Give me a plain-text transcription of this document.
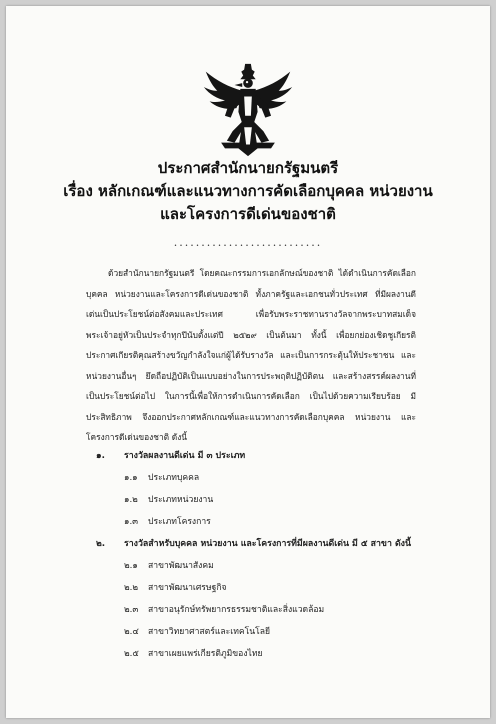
ประกาศสำนักนายกรัฐมนตรี
เรื่อง หลักเกณฑ์และแนวทางการคัดเลือกบุคคล หน่วยงาน
และโครงการดีเด่นของชาติ
...........................
ด้วยสำนักนายกรัฐมนตรี โดยคณะกรรมการเอกลักษณ์ของชาติ ได้ดำเนินการคัดเลือกบุคคล หน่วยงานและโครงการดีเด่นของชาติ ทั้งภาครัฐและเอกชนทั่วประเทศ ที่มีผลงานดีเด่นเป็นประโยชน์ต่อสังคมและประเทศ เพื่อรับพระราชทานรางวัลจากพระบาทสมเด็จพระเจ้าอยู่หัวเป็นประจำทุกปีนับตั้งแต่ปี ๒๕๒๙ เป็นต้นมา ทั้งนี้ เพื่อยกย่องเชิดชูเกียรติ ประกาศเกียรติคุณสร้างขวัญกำลังใจแก่ผู้ได้รับรางวัล และเป็นการกระตุ้นให้ประชาชน และหน่วยงานอื่นๆ ยึดถือปฏิบัติเป็นแบบอย่างในการประพฤติปฏิบัติตน และสร้างสรรค์ผลงานที่เป็นประโยชน์ต่อไป ในการนี้เพื่อให้การดำเนินการคัดเลือก เป็นไปด้วยความเรียบร้อย มีประสิทธิภาพ จึงออกประกาศหลักเกณฑ์และแนวทางการคัดเลือกบุคคล หน่วยงาน และโครงการดีเด่นของชาติ ดังนี้
๑. รางวัลผลงานดีเด่น มี ๓ ประเภท
๑.๑ ประเภทบุคคล
๑.๒ ประเภทหน่วยงาน
๑.๓ ประเภทโครงการ
๒. รางวัลสำหรับบุคคล หน่วยงาน และโครงการที่มีผลงานดีเด่น มี ๕ สาขา ดังนี้
๒.๑ สาขาพัฒนาสังคม
๒.๒ สาขาพัฒนาเศรษฐกิจ
๒.๓ สาขาอนุรักษ์ทรัพยากรธรรมชาติและสิ่งแวดล้อม
๒.๔ สาขาวิทยาศาสตร์และเทคโนโลยี
๒.๕ สาขาเผยแพร่เกียรติภูมิของไทย
